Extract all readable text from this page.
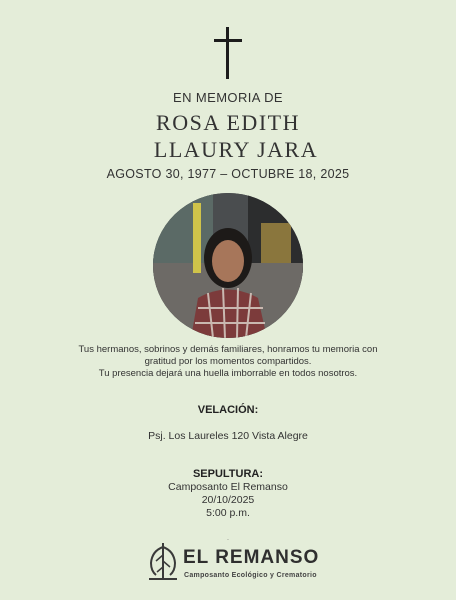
EN MEMORIA DE
ROSA EDITH
LLAURY JARA
AGOSTO 30, 1977 – OCTUBRE 18, 2025
Tus hermanos, sobrinos y demás familiares, honramos tu memoria con
gratitud por los momentos compartidos.
Tu presencia dejará una huella imborrable en todos nosotros.
VELACIÓN:
Psj. Los Laureles 120 Vista Alegre
SEPULTURA:
Camposanto El Remanso
20/10/2025
5:00 p.m.
.
EL REMANSO
Camposanto Ecológico y Crematorio
